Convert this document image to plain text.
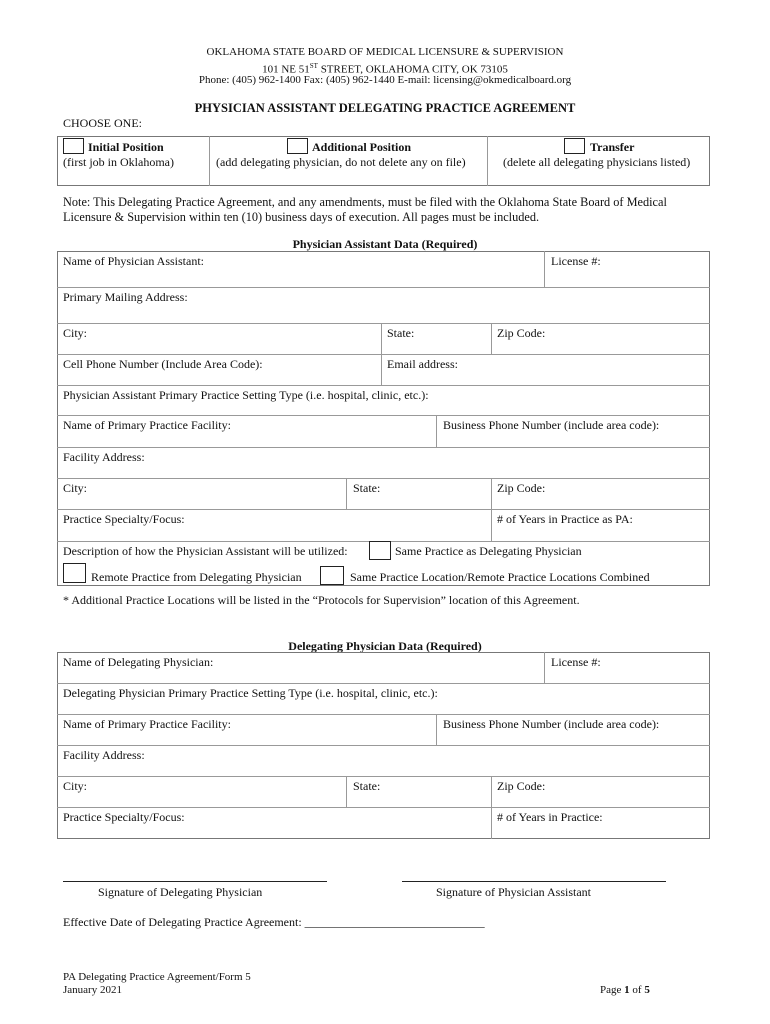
OKLAHOMA STATE BOARD OF MEDICAL LICENSURE & SUPERVISION
101 NE 51ST STREET, OKLAHOMA CITY, OK 73105
Phone: (405) 962-1400 Fax: (405) 962-1440 E-mail: licensing@okmedicalboard.org
PHYSICIAN ASSISTANT DELEGATING PRACTICE AGREEMENT
CHOOSE ONE:
Initial Position
(first job in Oklahoma)
Additional Position
(add delegating physician, do not delete any on file)
Transfer
(delete all delegating physicians listed)
Note: This Delegating Practice Agreement, and any amendments, must be filed with the Oklahoma State Board of Medical
Licensure & Supervision within ten (10) business days of execution. All pages must be included.
Physician Assistant Data (Required)
Name of Physician Assistant:	License #:
Primary Mailing Address:
City:	State:	Zip Code:
Cell Phone Number (Include Area Code):	Email address:
Physician Assistant Primary Practice Setting Type (i.e. hospital, clinic, etc.):
Name of Primary Practice Facility:	Business Phone Number (include area code):
Facility Address:
City:	State:	Zip Code:
Practice Specialty/Focus:	# of Years in Practice as PA:
Description of how the Physician Assistant will be utilized:	Same Practice as Delegating Physician
Remote Practice from Delegating Physician	Same Practice Location/Remote Practice Locations Combined
* Additional Practice Locations will be listed in the “Protocols for Supervision” location of this Agreement.
Delegating Physician Data (Required)
Name of Delegating Physician:	License #:
Delegating Physician Primary Practice Setting Type (i.e. hospital, clinic, etc.):
Name of Primary Practice Facility:	Business Phone Number (include area code):
Facility Address:
City:	State:	Zip Code:
Practice Specialty/Focus:	# of Years in Practice:
Signature of Delegating Physician	Signature of Physician Assistant
Effective Date of Delegating Practice Agreement: ______________________________
PA Delegating Practice Agreement/Form 5
January 2021	Page 1 of 5
